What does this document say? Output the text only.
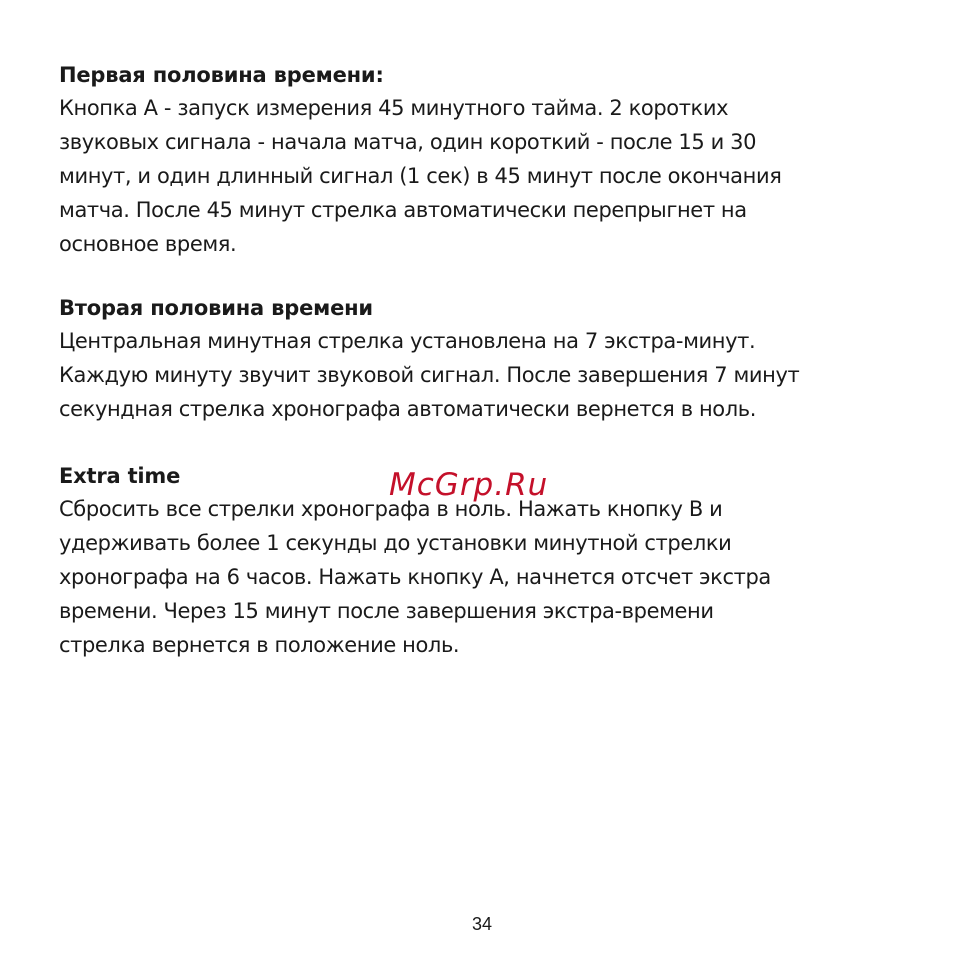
Первая половина времени:
Кнопка А - запуск измерения 45 минутного тайма. 2 коротких
звуковых сигнала - начала матча, один короткий - после 15 и 30
минут, и один длинный сигнал (1 сек) в 45 минут после окончания
матча. После 45 минут стрелка автоматически перепрыгнет на
основное время.
Вторая половина времени
Центральная минутная стрелка установлена на 7 экстра-минут.
Каждую минуту звучит звуковой сигнал. После завершения 7 минут
секундная стрелка хронографа автоматически вернется в ноль.
Extra time
Сбросить все стрелки хронографа в ноль. Нажать кнопку B и
удерживать более 1 секунды до установки минутной стрелки
хронографа на 6 часов. Нажать кнопку А, начнется отсчет экстра
времени. Через 15 минут после завершения экстра-времени
стрелка вернется в положение ноль.
McGrp.Ru
34
